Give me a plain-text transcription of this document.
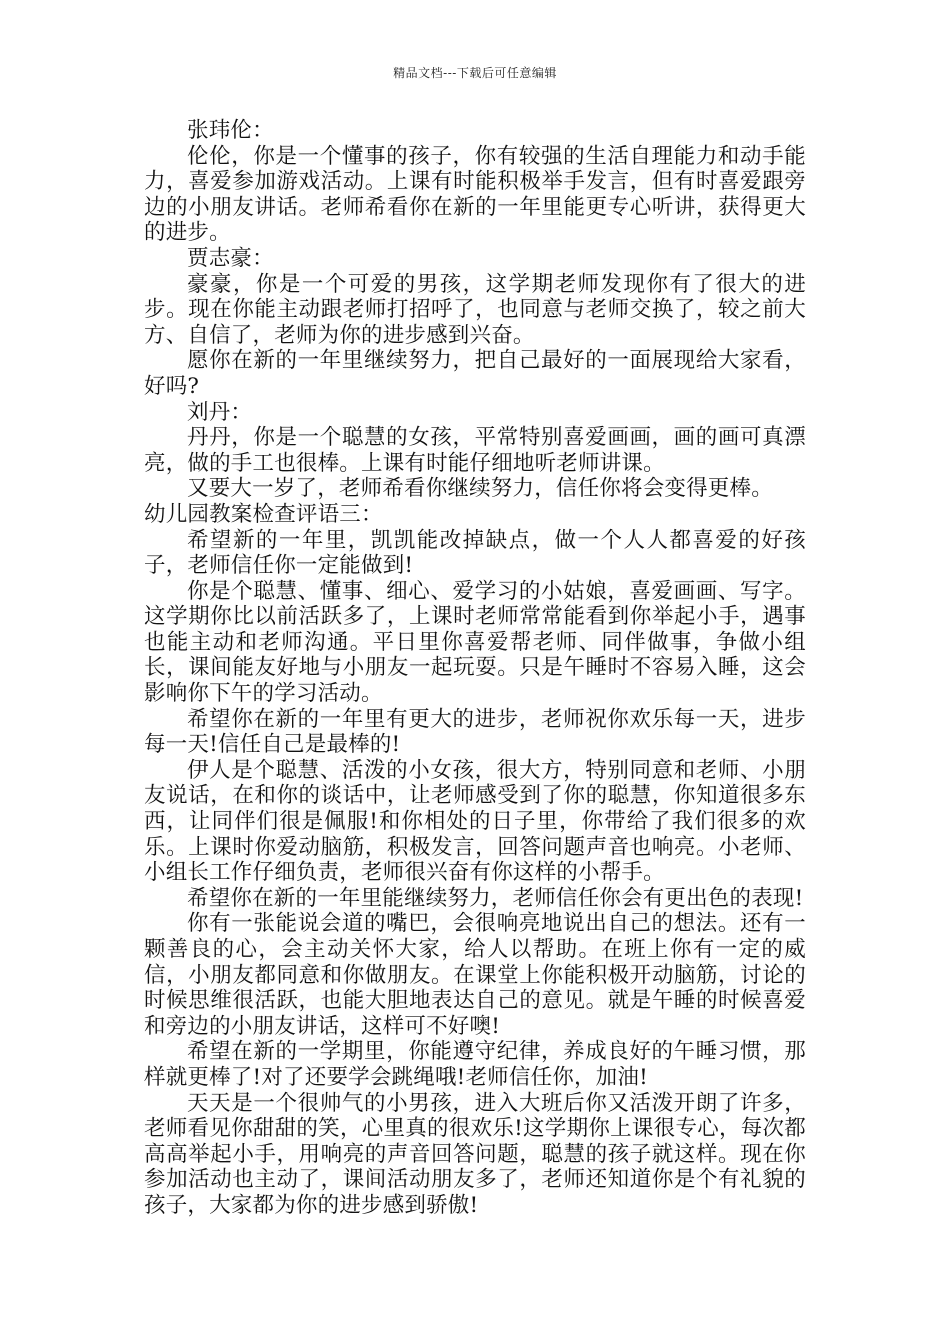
精品文档---下载后可任意编辑

张玮伦：

伦伦，你是一个懂事的孩子，你有较强的生活自理能力和动手能力，喜爱参加游戏活动。上课有时能积极举手发言，但有时喜爱跟旁边的小朋友讲话。老师希看你在新的一年里能更专心听讲，获得更大的进步。

贾志豪：

豪豪，你是一个可爱的男孩，这学期老师发现你有了很大的进步。现在你能主动跟老师打招呼了，也同意与老师交换了，较之前大方、自信了，老师为你的进步感到兴奋。

愿你在新的一年里继续努力，把自己最好的一面展现给大家看，好吗?

刘丹：

丹丹，你是一个聪慧的女孩，平常特别喜爱画画，画的画可真漂亮，做的手工也很棒。上课有时能仔细地听老师讲课。

又要大一岁了，老师希看你继续努力，信任你将会变得更棒。

幼儿园教案检查评语三：

希望新的一年里，凯凯能改掉缺点，做一个人人都喜爱的好孩子，老师信任你一定能做到!

你是个聪慧、懂事、细心、爱学习的小姑娘，喜爱画画、写字。这学期你比以前活跃多了，上课时老师常常能看到你举起小手，遇事也能主动和老师沟通。平日里你喜爱帮老师、同伴做事，争做小组长，课间能友好地与小朋友一起玩耍。只是午睡时不容易入睡，这会影响你下午的学习活动。

希望你在新的一年里有更大的进步，老师祝你欢乐每一天，进步每一天!信任自己是最棒的!

伊人是个聪慧、活泼的小女孩，很大方，特别同意和老师、小朋友说话，在和你的谈话中，让老师感受到了你的聪慧，你知道很多东西，让同伴们很是佩服!和你相处的日子里，你带给了我们很多的欢乐。上课时你爱动脑筋，积极发言，回答问题声音也响亮。小老师、小组长工作仔细负责，老师很兴奋有你这样的小帮手。

希望你在新的一年里能继续努力，老师信任你会有更出色的表现!

你有一张能说会道的嘴巴，会很响亮地说出自己的想法。还有一颗善良的心，会主动关怀大家，给人以帮助。在班上你有一定的威信，小朋友都同意和你做朋友。在课堂上你能积极开动脑筋，讨论的时候思维很活跃，也能大胆地表达自己的意见。就是午睡的时候喜爱和旁边的小朋友讲话，这样可不好噢!

希望在新的一学期里，你能遵守纪律，养成良好的午睡习惯，那样就更棒了!对了还要学会跳绳哦!老师信任你，加油!

天天是一个很帅气的小男孩，进入大班后你又活泼开朗了许多，老师看见你甜甜的笑，心里真的很欢乐!这学期你上课很专心，每次都高高举起小手，用响亮的声音回答问题，聪慧的孩子就这样。现在你参加活动也主动了，课间活动朋友多了，老师还知道你是个有礼貌的孩子，大家都为你的进步感到骄傲!
